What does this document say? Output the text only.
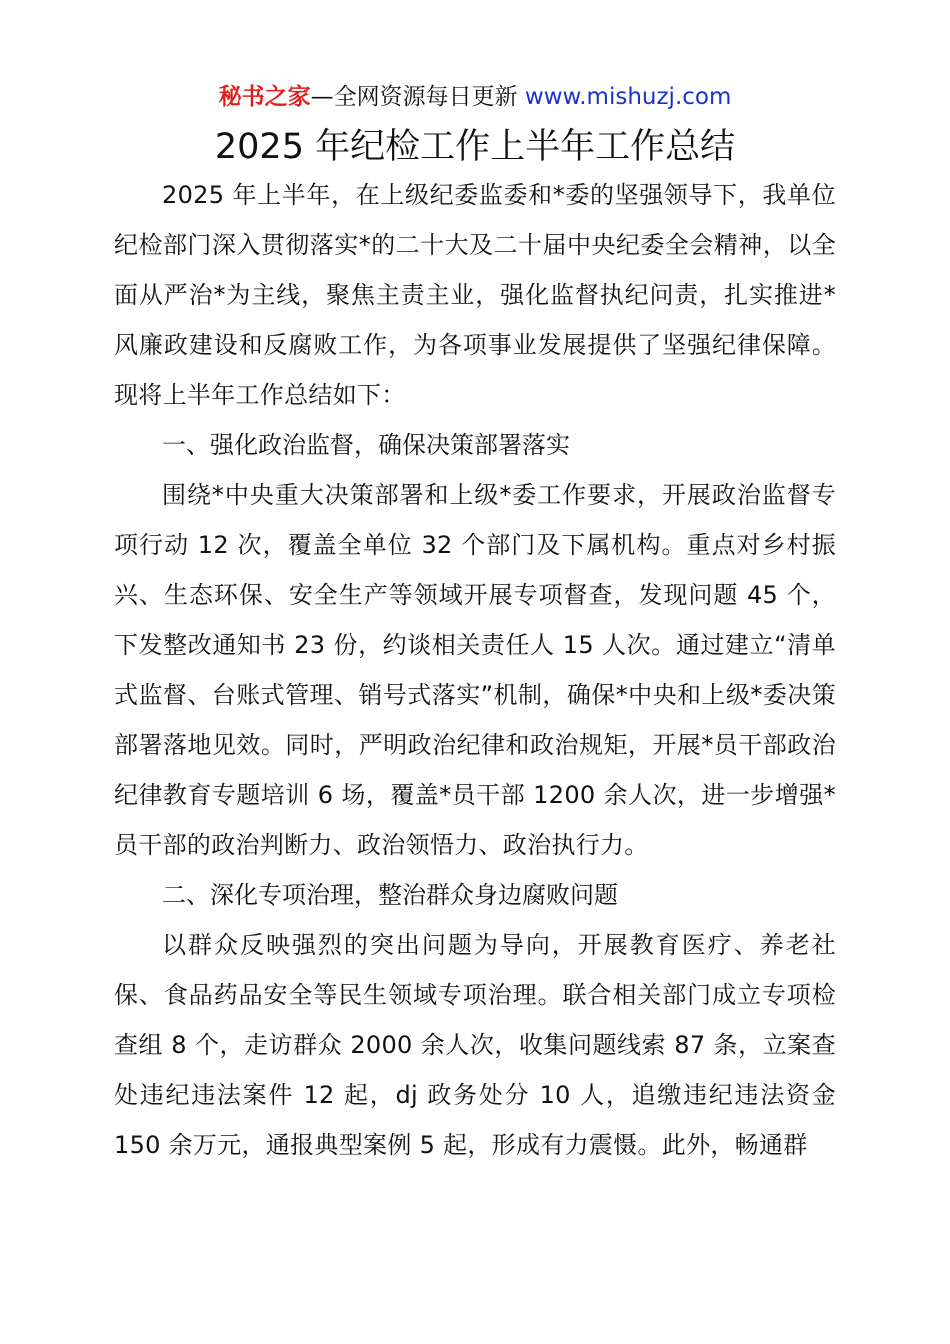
秘书之家—全网资源每日更新 www.mishuzj.com
2025 年纪检工作上半年工作总结

2025 年上半年，在上级纪委监委和*委的坚强领导下，我单位纪检部门深入贯彻落实*的二十大及二十届中央纪委全会精神，以全面从严治*为主线，聚焦主责主业，强化监督执纪问责，扎实推进*风廉政建设和反腐败工作，为各项事业发展提供了坚强纪律保障。现将上半年工作总结如下：

一、强化政治监督，确保决策部署落实

围绕*中央重大决策部署和上级*委工作要求，开展政治监督专项行动 12 次，覆盖全单位 32 个部门及下属机构。重点对乡村振兴、生态环保、安全生产等领域开展专项督查，发现问题 45 个，下发整改通知书 23 份，约谈相关责任人 15 人次。通过建立“清单式监督、台账式管理、销号式落实”机制，确保*中央和上级*委决策部署落地见效。同时，严明政治纪律和政治规矩，开展*员干部政治纪律教育专题培训 6 场，覆盖*员干部 1200 余人次，进一步增强*员干部的政治判断力、政治领悟力、政治执行力。

二、深化专项治理，整治群众身边腐败问题

以群众反映强烈的突出问题为导向，开展教育医疗、养老社保、食品药品安全等民生领域专项治理。联合相关部门成立专项检查组 8 个，走访群众 2000 余人次，收集问题线索 87 条，立案查处违纪违法案件 12 起，dj 政务处分 10 人，追缴违纪违法资金 150 余万元，通报典型案例 5 起，形成有力震慑。此外，畅通群
